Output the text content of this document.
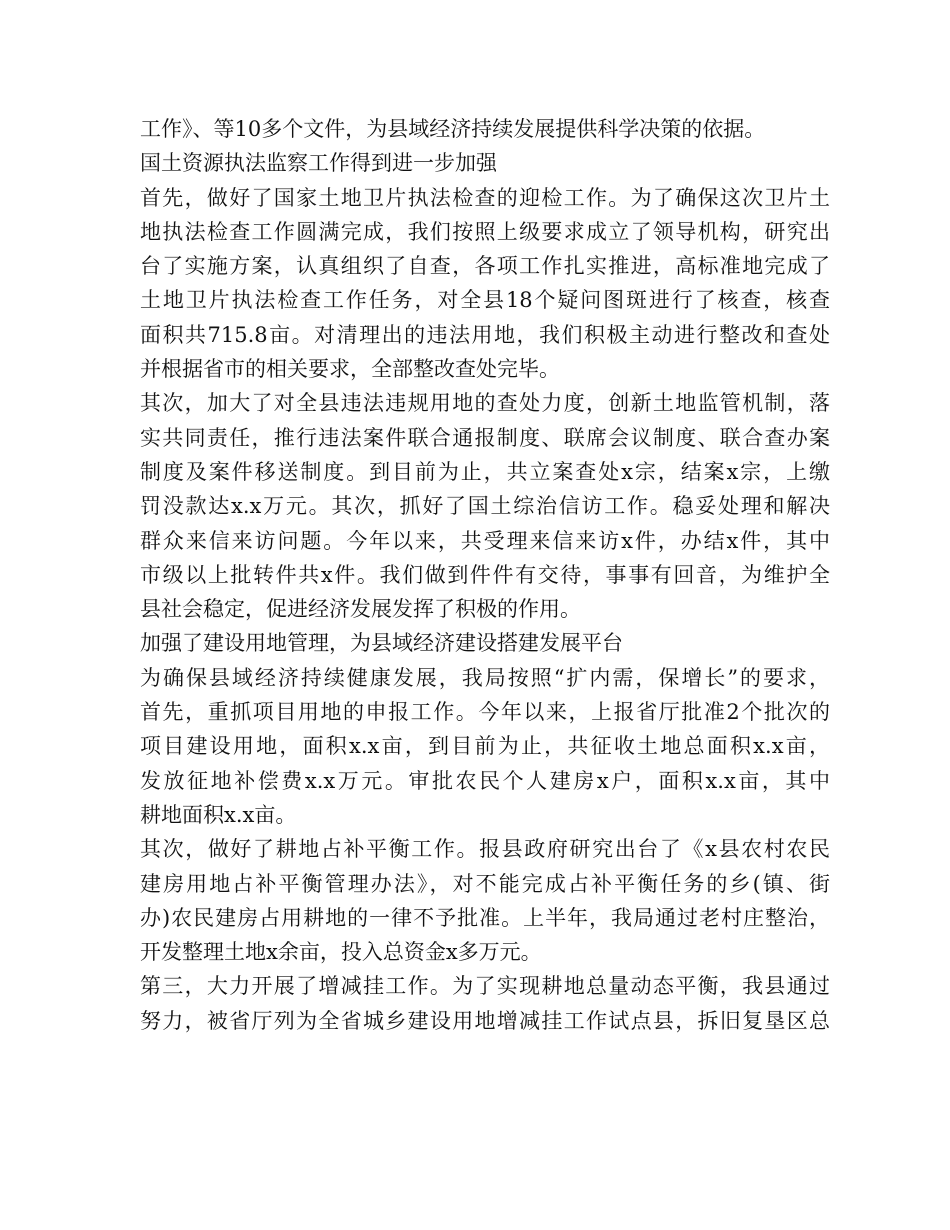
工作》、等10多个文件，为县域经济持续发展提供科学决策的依据。
国土资源执法监察工作得到进一步加强
首先，做好了国家土地卫片执法检查的迎检工作。为了确保这次卫片土
地执法检查工作圆满完成，我们按照上级要求成立了领导机构，研究出
台了实施方案，认真组织了自查，各项工作扎实推进，高标准地完成了
土地卫片执法检查工作任务，对全县18个疑问图斑进行了核查，核查
面积共715.8亩。对清理出的违法用地，我们积极主动进行整改和查处
并根据省市的相关要求，全部整改查处完毕。
其次，加大了对全县违法违规用地的查处力度，创新土地监管机制，落
实共同责任，推行违法案件联合通报制度、联席会议制度、联合查办案
制度及案件移送制度。到目前为止，共立案查处x宗，结案x宗，上缴
罚没款达x.x万元。其次，抓好了国土综治信访工作。稳妥处理和解决
群众来信来访问题。今年以来，共受理来信来访x件，办结x件，其中
市级以上批转件共x件。我们做到件件有交待，事事有回音，为维护全
县社会稳定，促进经济发展发挥了积极的作用。
加强了建设用地管理，为县域经济建设搭建发展平台
为确保县域经济持续健康发展，我局按照“扩内需，保增长”的要求，
首先，重抓项目用地的申报工作。今年以来，上报省厅批准2个批次的
项目建设用地，面积x.x亩，到目前为止，共征收土地总面积x.x亩，
发放征地补偿费x.x万元。审批农民个人建房x户，面积x.x亩，其中
耕地面积x.x亩。
其次，做好了耕地占补平衡工作。报县政府研究出台了《x县农村农民
建房用地占补平衡管理办法》，对不能完成占补平衡任务的乡(镇、街
办)农民建房占用耕地的一律不予批准。上半年，我局通过老村庄整治，
开发整理土地x余亩，投入总资金x多万元。
第三，大力开展了增减挂工作。为了实现耕地总量动态平衡，我县通过
努力，被省厅列为全省城乡建设用地增减挂工作试点县，拆旧复垦区总
